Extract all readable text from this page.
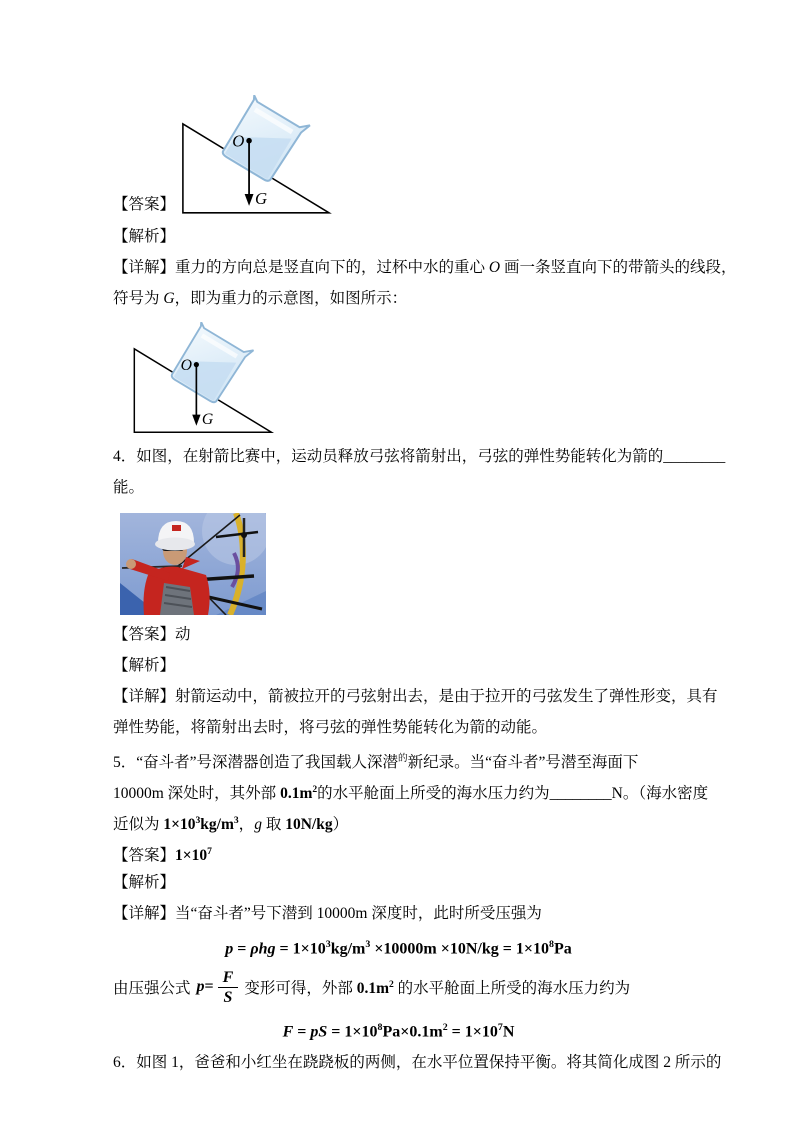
【答案】
O
G
【解析】
【详解】重力的方向总是竖直向下的，过杯中水的重心 O 画一条竖直向下的带箭头的线段，
符号为 G，即为重力的示意图，如图所示：
O
G
4．如图，在射箭比赛中，运动员释放弓弦将箭射出，弓弦的弹性势能转化为箭的________
能。
【答案】动
【解析】
【详解】射箭运动中，箭被拉开的弓弦射出去，是由于拉开的弓弦发生了弹性形变，具有
弹性势能，将箭射出去时，将弓弦的弹性势能转化为箭的动能。
5．“奋斗者”号深潜器创造了我国载人深潜$^的$新纪录。当“奋斗者”号潜至海面下
10000m 深处时，其外部 $0.1m^2$的水平舱面上所受的海水压力约为________N。（海水密度
近似为 $1\times 10^3kg/m^3$，g 取 10N/kg）
【答案】$1\times 10^7$
【解析】
【详解】当“奋斗者”号下潜到 10000m 深度时，此时所受压强为
$p = \rho hg = 1\times 10^3kg/m^3 \times 10000m \times 10N/kg = 1\times 10^8Pa$
由压强公式 $p = \frac{F}{S}$ 变形可得，外部 $0.1m^2$ 的水平舱面上所受的海水压力约为
F = pS = $1\times 10^8Pa\times 0.1m^2 = 1\times 10^7N$
6．如图 1，爸爸和小红坐在跷跷板的两侧，在水平位置保持平衡。将其简化成图 2 所示的
